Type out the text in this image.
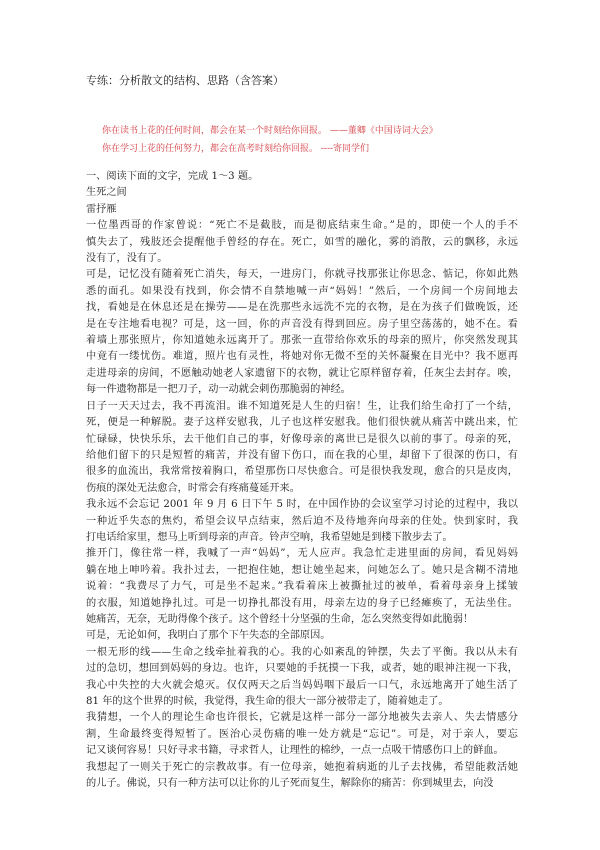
专练：分析散文的结构、思路（含答案）
你在读书上花的任何时间，都会在某一个时刻给你回报。 ——董卿《中国诗词大会》
你在学习上花的任何努力，都会在高考时刻给你回报。 ----寄同学们
一、阅读下面的文字，完成 1～3 题。
生死之间
雷抒雁
一位墨西哥的作家曾说：“死亡不是截肢，而是彻底结束生命。”是的，即使一个人的手不
慎失去了，残肢还会提醒他手曾经的存在。死亡，如雪的融化，雾的消散，云的飘移，永远
没有了，没有了。
可是，记忆没有随着死亡消失，每天，一进房门，你就寻找那张让你思念、惦记，你如此熟
悉的面孔。如果没有找到，你会情不自禁地喊一声“妈妈！”然后，一个房间一个房间地去
找，看她是在休息还是在操劳——是在洗那些永远洗不完的衣物，是在为孩子们做晚饭，还
是在专注地看电视？可是，这一回，你的声音没有得到回应。房子里空荡荡的，她不在。看
着墙上那张照片，你知道她永远离开了。那张一直带给你欢乐的母亲的照片，你突然发现其
中竟有一缕忧伤。难道，照片也有灵性，将她对你无微不至的关怀凝聚在目光中？我不愿再
走进母亲的房间，不愿触动她老人家遗留下的衣物，就让它原样留存着，任灰尘去封存。唉，
每一件遗物都是一把刀子，动一动就会刺伤那脆弱的神经。
日子一天天过去，我不再流泪。谁不知道死是人生的归宿！生，让我们给生命打了一个结，
死，便是一种解脱。妻子这样安慰我，儿子也这样安慰我。他们很快就从痛苦中跳出来，忙
忙碌碌，快快乐乐，去干他们自己的事，好像母亲的离世已是很久以前的事了。母亲的死，
给他们留下的只是短暂的痛苦，并没有留下伤口，而在我的心里，却留下了很深的伤口，有
很多的血流出，我常常按着胸口，希望那伤口尽快愈合。可是很快我发现，愈合的只是皮肉，
伤痕的深处无法愈合，时常会有疼痛蔓延开来。
我永远不会忘记 2001 年 9 月 6 日下午 5 时，在中国作协的会议室学习讨论的过程中，我以
一种近乎失态的焦灼，希望会议早点结束，然后迫不及待地奔向母亲的住处。快到家时，我
打电话给家里，想马上听到母亲的声音。铃声空响，我希望她是到楼下散步去了。
推开门，像往常一样，我喊了一声“妈妈”，无人应声。我急忙走进里面的房间，看见妈妈
躺在地上呻吟着。我扑过去，一把抱住她，想让她坐起来，问她怎么了。她只是含糊不清地
说着：“我费尽了力气，可是坐不起来。”我看着床上被撕扯过的被单，看着母亲身上揉皱
的衣服，知道她挣扎过。可是一切挣扎都没有用，母亲左边的身子已经瘫痪了，无法坐住。
她痛苦，无奈，无助得像个孩子。这个曾经十分坚强的生命，怎么突然变得如此脆弱！
可是，无论如何，我明白了那个下午失态的全部原因。
一根无形的线——生命之线牵扯着我的心。我的心如紊乱的钟摆，失去了平衡。我以从未有
过的急切，想回到妈妈的身边。也许，只要她的手抚摸一下我，或者，她的眼神注视一下我，
我心中失控的大火就会熄灭。仅仅两天之后当妈妈咽下最后一口气，永远地离开了她生活了
81 年的这个世界的时候，我觉得，我生命的很大一部分被带走了，随着她走了。
我猜想，一个人的理论生命也许很长，它就是这样一部分一部分地被失去亲人、失去情感分
割，生命最终变得短暂了。医治心灵伤痛的唯一处方就是“忘记”。可是，对于亲人，要忘
记又谈何容易！只好寻求书籍，寻求哲人，让理性的棉纱，一点一点吸干情感伤口上的鲜血。
我想起了一则关于死亡的宗教故事。有一位母亲，她抱着病逝的儿子去找佛，希望能救活她
的儿子。佛说，只有一种方法可以让你的儿子死而复生，解除你的痛苦：你到城里去，向没
